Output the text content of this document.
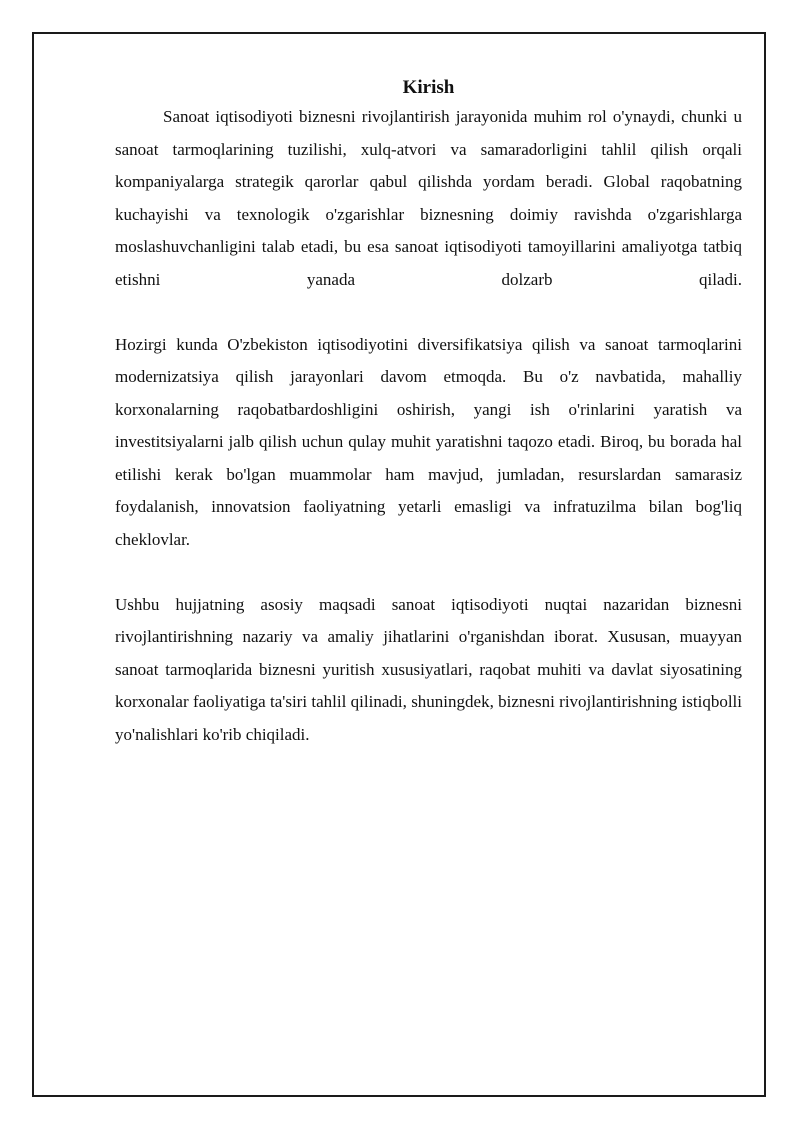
Kirish

Sanoat iqtisodiyoti biznesni rivojlantirish jarayonida muhim rol o'ynaydi, chunki u sanoat tarmoqlarining tuzilishi, xulq-atvori va samaradorligini tahlil qilish orqali kompaniyalarga strategik qarorlar qabul qilishda yordam beradi. Global raqobatning kuchayishi va texnologik o'zgarishlar biznesning doimiy ravishda o'zgarishlarga moslashuvchanligini talab etadi, bu esa sanoat iqtisodiyoti tamoyillarini amaliyotga tatbiq etishni yanada dolzarb qiladi.

Hozirgi kunda O'zbekiston iqtisodiyotini diversifikatsiya qilish va sanoat tarmoqlarini modernizatsiya qilish jarayonlari davom etmoqda. Bu o'z navbatida, mahalliy korxonalarning raqobatbardoshligini oshirish, yangi ish o'rinlarini yaratish va investitsiyalarni jalb qilish uchun qulay muhit yaratishni taqozo etadi. Biroq, bu borada hal etilishi kerak bo'lgan muammolar ham mavjud, jumladan, resurslardan samarasiz foydalanish, innovatsion faoliyatning yetarli emasligi va infratuzilma bilan bog'liq cheklovlar.

Ushbu hujjatning asosiy maqsadi sanoat iqtisodiyoti nuqtai nazaridan biznesni rivojlantirishning nazariy va amaliy jihatlarini o'rganishdan iborat. Xususan, muayyan sanoat tarmoqlarida biznesni yuritish xususiyatlari, raqobat muhiti va davlat siyosatining korxonalar faoliyatiga ta'siri tahlil qilinadi, shuningdek, biznesni rivojlantirishning istiqbolli yo'nalishlari ko'rib chiqiladi.
